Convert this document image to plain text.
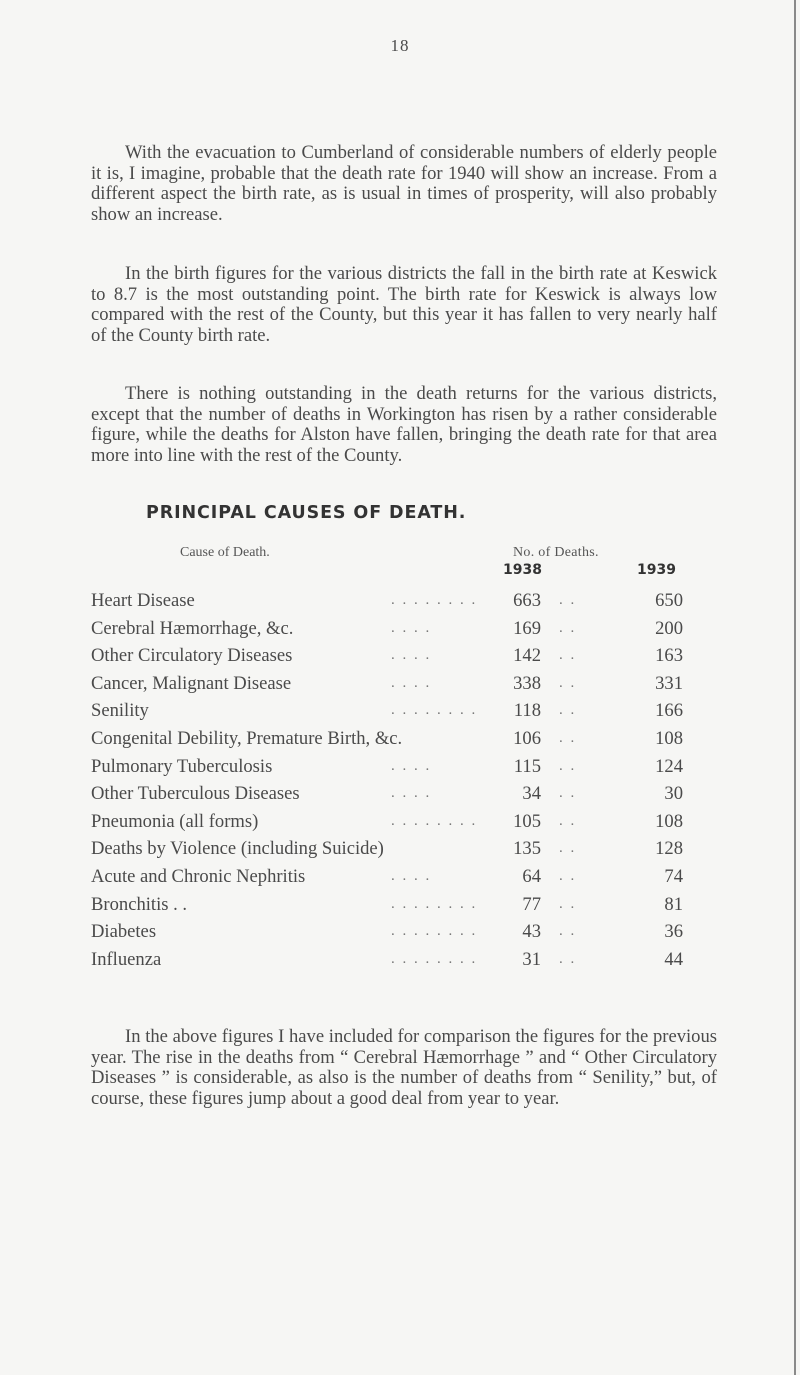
18

With the evacuation to Cumberland of considerable numbers of elderly people it is, I imagine, probable that the death rate for 1940 will show an increase. From a different aspect the birth rate, as is usual in times of prosperity, will also probably show an increase.

In the birth figures for the various districts the fall in the birth rate at Keswick to 8.7 is the most outstanding point. The birth rate for Keswick is always low compared with the rest of the County, but this year it has fallen to very nearly half of the County birth rate.

There is nothing outstanding in the death returns for the various districts, except that the number of deaths in Workington has risen by a rather considerable figure, while the deaths for Alston have fallen, bringing the death rate for that area more into line with the rest of the County.

PRINCIPAL CAUSES OF DEATH.
Cause of Death.	No. of Deaths.
1938	1939
Heart Disease	. . . . . . . .	663 . .	650
Cerebral Hæmorrhage, &c.	. . . .	169 . .	200
Other Circulatory Diseases	. . . .	142 . .	163
Cancer, Malignant Disease	. . . .	338 . .	331
Senility	. . . . . . . .	118 . .	166
Congenital Debility, Premature Birth, &c.	106 . .	108
Pulmonary Tuberculosis	. . . .	115 . .	124
Other Tuberculous Diseases	. . . .	34 . .	30
Pneumonia (all forms)	. . . . . . . .	105 . .	108
Deaths by Violence (including Suicide)	135 . .	128
Acute and Chronic Nephritis	. . . .	64 . .	74
Bronchitis . .	. . . . . . . .	77 . .	81
Diabetes	. . . . . . . .	43 . .	36
Influenza	. . . . . . . .	31 . .	44

In the above figures I have included for comparison the figures for the previous year. The rise in the deaths from “ Cerebral Hæmorrhage ” and “ Other Circulatory Diseases ” is considerable, as also is the number of deaths from “ Senility,” but, of course, these figures jump about a good deal from year to year.
